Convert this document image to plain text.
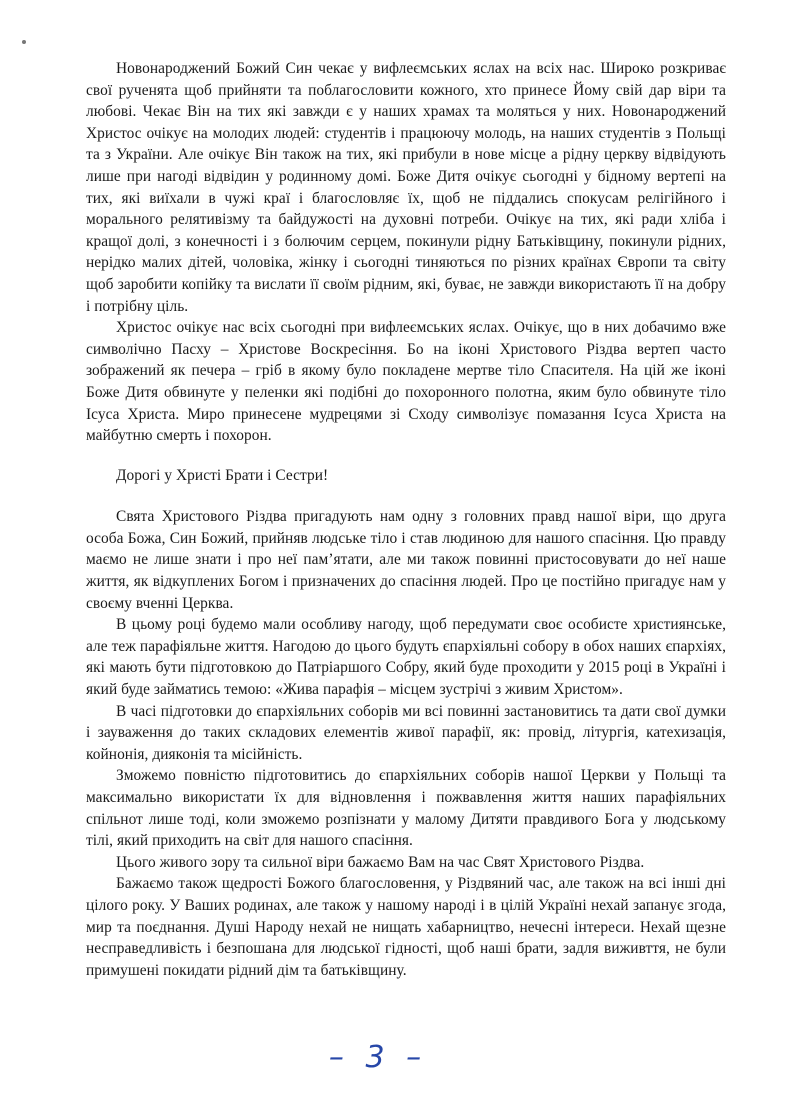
Новонароджений Божий Син чекає у вифлеємських яслах на всіх нас. Широко розкриває свої рученята щоб прийняти та поблагословити кожного, хто принесе Йому свій дар віри та любові. Чекає Він на тих які завжди є у наших храмах та моляться у них. Новонароджений Христос очікує на молодих людей: студентів і працюючу молодь, на наших студентів з Польщі та з України. Але очікує Він також на тих, які прибули в нове місце а рідну церкву відвідують лише при нагоді відвідин у родинному домі. Боже Дитя очікує сьогодні у бідному вертепі на тих, які виїхали в чужі краї і благословляє їх, щоб не піддались спокусам релігійного і морального релятивізму та байдужості на духовні потреби. Очікує на тих, які ради хліба і кращої долі, з конечності і з болючим серцем, покинули рідну Батьківщину, покинули рідних, нерідко малих дітей, чоловіка, жінку і сьогодні тиняються по різних країнах Європи та світу щоб заробити копійку та вислати її своїм рідним, які, буває, не завжди використають її на добру і потрібну ціль.

Христос очікує нас всіх сьогодні при вифлеємських яслах. Очікує, що в них добачимо вже символічно Пасху – Христове Воскресіння. Бо на іконі Христового Різдва вертеп часто зображений як печера – гріб в якому було покладене мертве тіло Спасителя. На цій же іконі Боже Дитя обвинуте у пеленки які подібні до похоронного полотна, яким було обвинуте тіло Ісуса Христа. Миро принесене мудрецями зі Сходу символізує помазання Ісуса Христа на майбутню смерть і похорон.

Дорогі у Христі Брати і Сестри!

Свята Христового Різдва пригадують нам одну з головних правд нашої віри, що друга особа Божа, Син Божий, прийняв людське тіло і став людиною для нашого спасіння. Цю правду маємо не лише знати і про неї пам’ятати, але ми також повинні пристосовувати до неї наше життя, як відкуплених Богом і призначених до спасіння людей. Про це постійно пригадує нам у своєму вченні Церква.

В цьому році будемо мали особливу нагоду, щоб передумати своє особисте християнське, але теж парафіяльне життя. Нагодою до цього будуть єпархіяльні собору в обох наших єпархіях, які мають бути підготовкою до Патріаршого Собру, який буде проходити у 2015 році в Україні і який буде займатись темою: «Жива парафія – місцем зустрічі з живим Христом».

В часі підготовки до єпархіяльних соборів ми всі повинні застановитись та дати свої думки і зауваження до таких складових елементів живої парафії, як: провід, літургія, катехизація, койнонія, дияконія та місійність.

Зможемо повністю підготовитись до єпархіяльних соборів нашої Церкви у Польщі та максимально використати їх для відновлення і пожвавлення життя наших парафіяльних спільнот лише тоді, коли зможемо розпізнати у малому Дитяти правдивого Бога у людському тілі, який приходить на світ для нашого спасіння.

Цього живого зору та сильної віри бажаємо Вам на час Свят Христового Різдва.

Бажаємо також щедрості Божого благословення, у Різдвяний час, але також на всі інші дні цілого року. У Ваших родинах, але також у нашому народі і в цілій Україні нехай запанує згода, мир та поєднання. Душі Народу нехай не нищать хабарництво, нечесні інтереси. Нехай щезне несправедливість і безпошана для людської гідності, щоб наші брати, задля виживття, не були примушені покидати рідний дім та батьківщину.

– 3 –
